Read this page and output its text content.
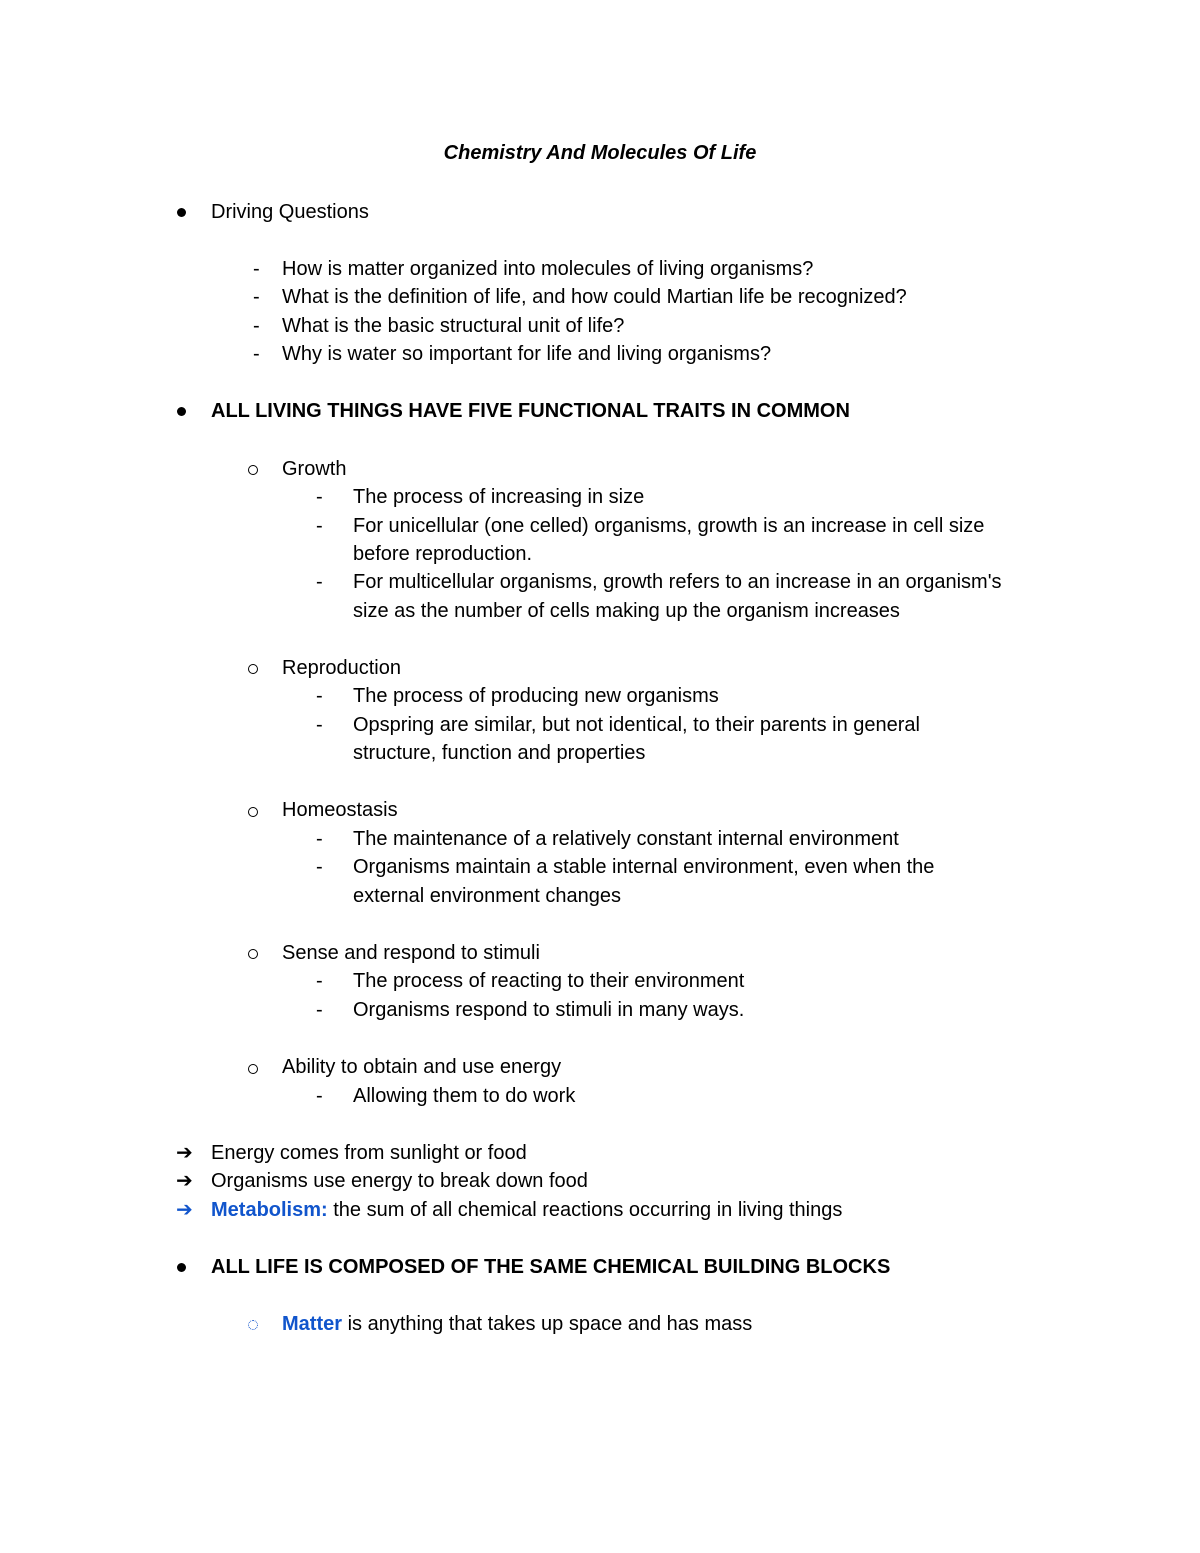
Chemistry And Molecules Of Life
Driving Questions
- How is matter organized into molecules of living organisms?
- What is the definition of life, and how could Martian life be recognized?
- What is the basic structural unit of life?
- Why is water so important for life and living organisms?
ALL LIVING THINGS HAVE FIVE FUNCTIONAL TRAITS IN COMMON
Growth
- The process of increasing in size
- For unicellular (one celled) organisms, growth is an increase in cell size
before reproduction.
- For multicellular organisms, growth refers to an increase in an organism's
size as the number of cells making up the organism increases
Reproduction
- The process of producing new organisms
- Opspring are similar, but not identical, to their parents in general
structure, function and properties
Homeostasis
- The maintenance of a relatively constant internal environment
- Organisms maintain a stable internal environment, even when the
external environment changes
Sense and respond to stimuli
- The process of reacting to their environment
- Organisms respond to stimuli in many ways.
Ability to obtain and use energy
- Allowing them to do work
➔ Energy comes from sunlight or food
➔ Organisms use energy to break down food
➔ Metabolism: the sum of all chemical reactions occurring in living things
ALL LIFE IS COMPOSED OF THE SAME CHEMICAL BUILDING BLOCKS
Matter is anything that takes up space and has mass
